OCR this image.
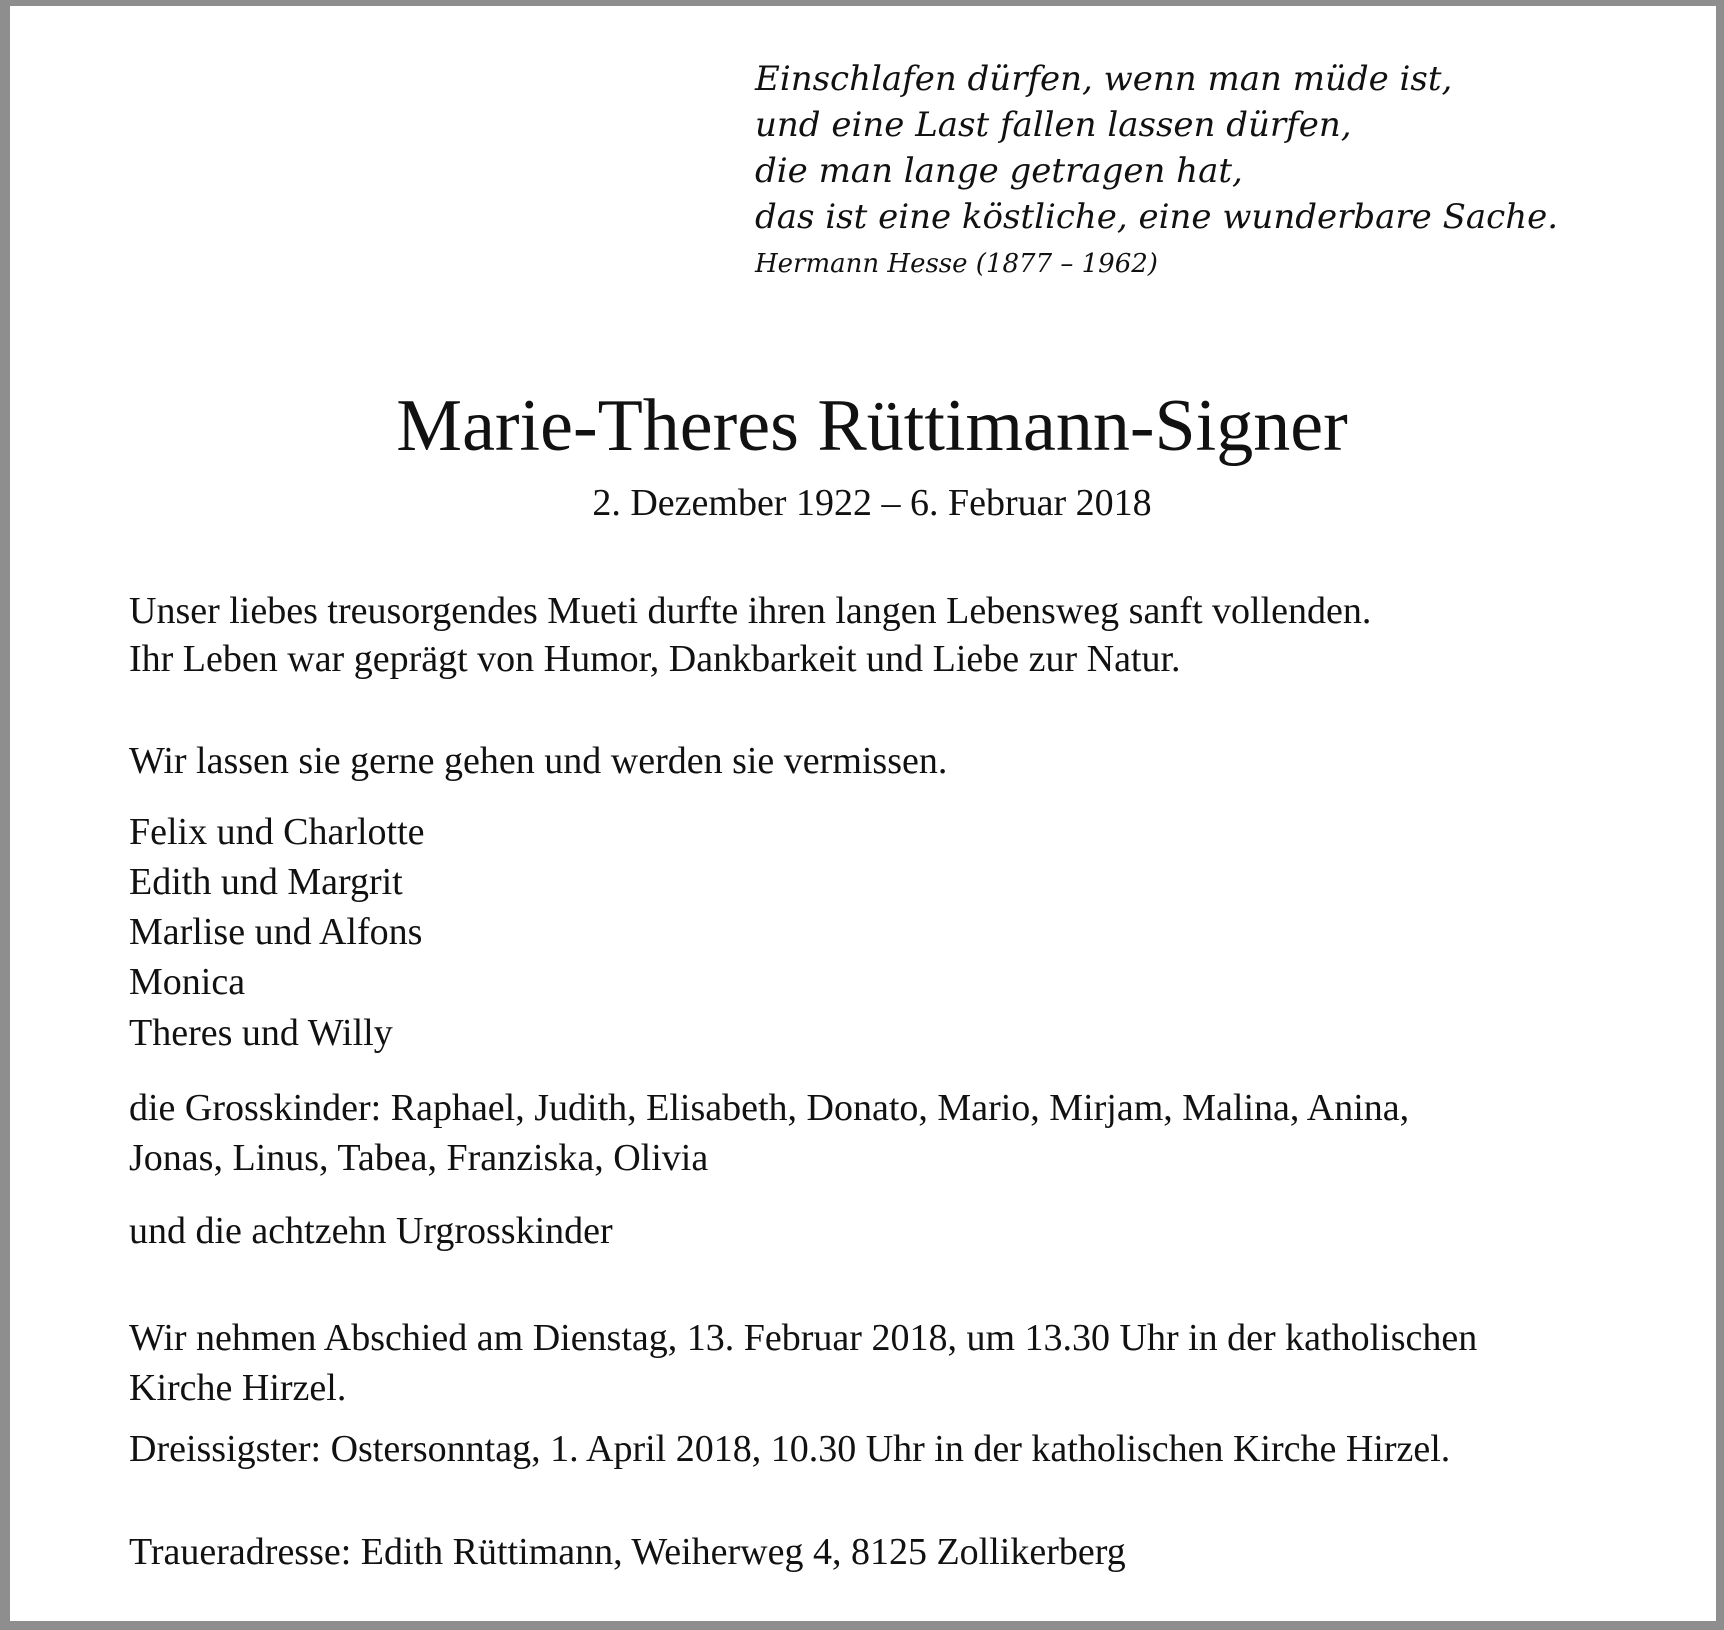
Einschlafen dürfen, wenn man müde ist,
und eine Last fallen lassen dürfen,
die man lange getragen hat,
das ist eine köstliche, eine wunderbare Sache.
Hermann Hesse (1877 – 1962)
Marie-Theres Rüttimann-Signer
2. Dezember 1922 – 6. Februar 2018
Unser liebes treusorgendes Mueti durfte ihren langen Lebensweg sanft vollenden.
Ihr Leben war geprägt von Humor, Dankbarkeit und Liebe zur Natur.
Wir lassen sie gerne gehen und werden sie vermissen.
Felix und Charlotte
Edith und Margrit
Marlise und Alfons
Monica
Theres und Willy
die Grosskinder: Raphael, Judith, Elisabeth, Donato, Mario, Mirjam, Malina, Anina,
Jonas, Linus, Tabea, Franziska, Olivia
und die achtzehn Urgrosskinder
Wir nehmen Abschied am Dienstag, 13. Februar 2018, um 13.30 Uhr in der katholischen
Kirche Hirzel.
Dreissigster: Ostersonntag, 1. April 2018, 10.30 Uhr in der katholischen Kirche Hirzel.
Traueradresse: Edith Rüttimann, Weiherweg 4, 8125 Zollikerberg
